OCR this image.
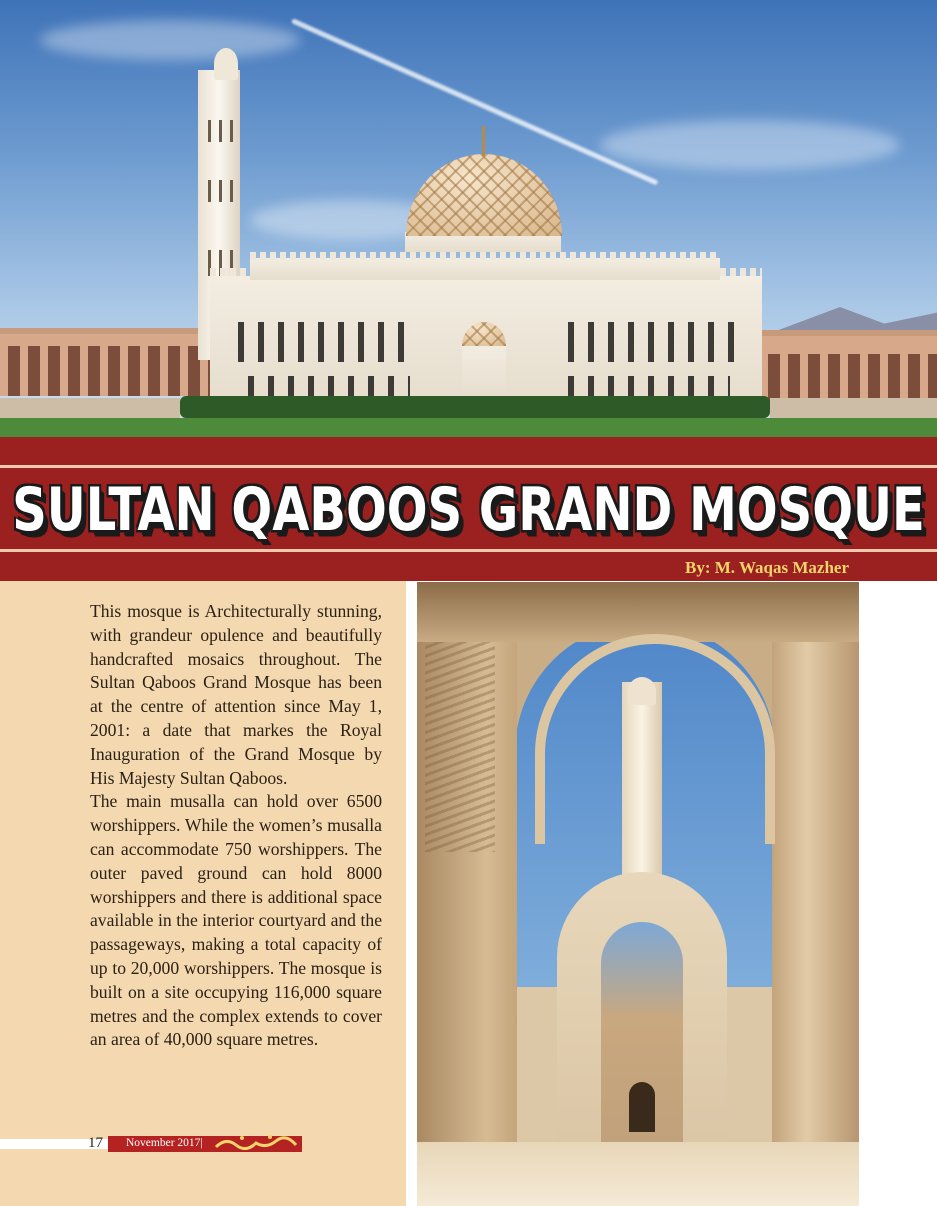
SULTAN QABOOS GRAND MOSQUE
By: M. Waqas Mazher

This mosque is Architecturally stunning, with grandeur opulence and beautifully handcrafted mosaics throughout. The Sultan Qaboos Grand Mosque has been at the centre of attention since May 1, 2001: a date that markes the Royal Inauguration of the Grand Mosque by His Majesty Sultan Qaboos.

The main musalla can hold over 6500 worshippers. While the women’s musalla can accommodate 750 worshippers. The outer paved ground can hold 8000 worshippers and there is additional space available in the interior courtyard and the passageways, making a total capacity of up to 20,000 worshippers. The mosque is built on a site occupying 116,000 square metres and the complex extends to cover an area of 40,000 square metres.

17 November 2017|
